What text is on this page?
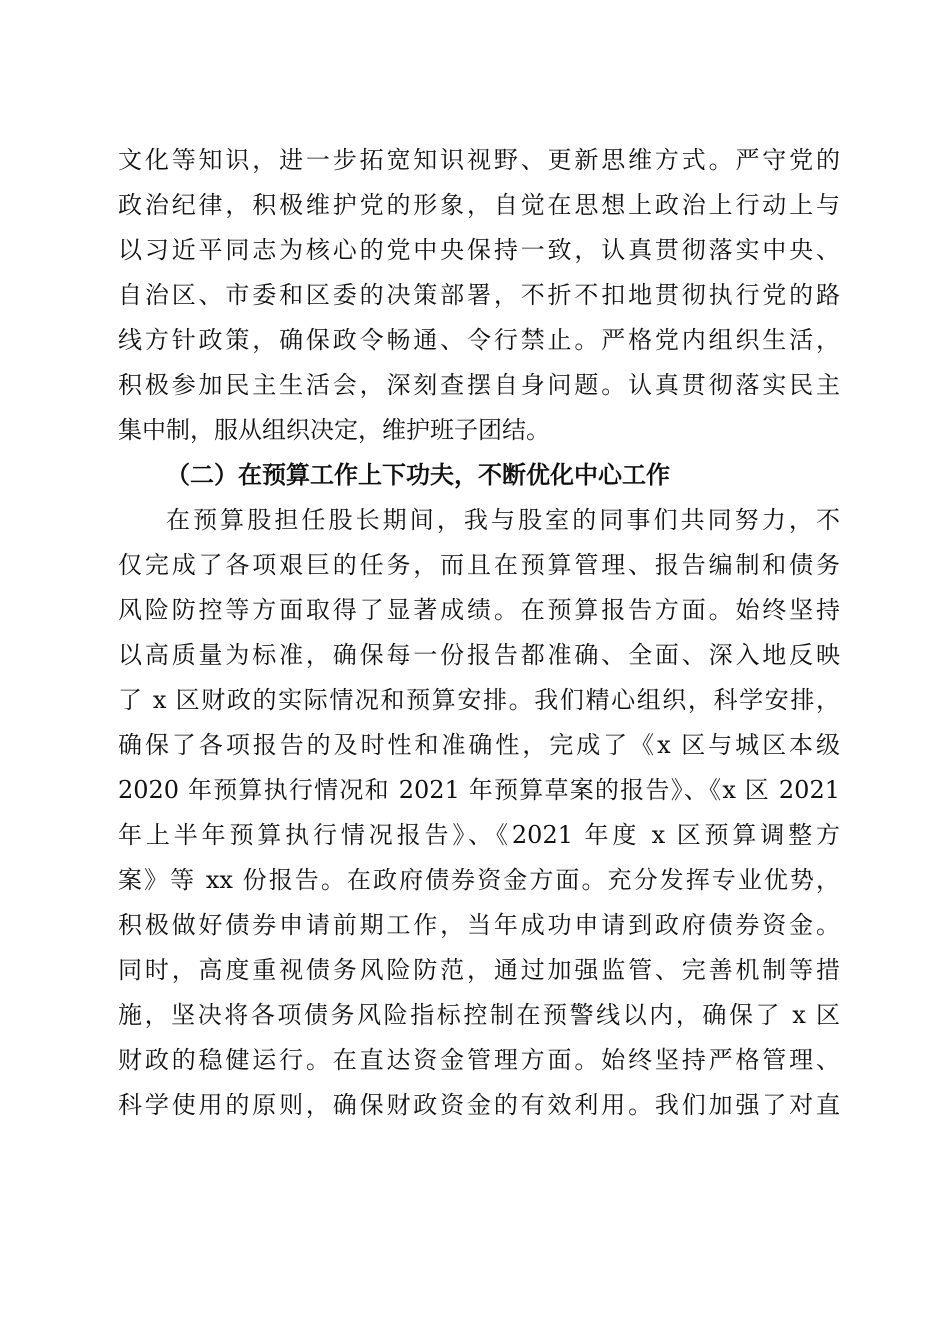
文化等知识，进一步拓宽知识视野、更新思维方式。严守党的
政治纪律，积极维护党的形象，自觉在思想上政治上行动上与
以习近平同志为核心的党中央保持一致，认真贯彻落实中央、
自治区、市委和区委的决策部署，不折不扣地贯彻执行党的路
线方针政策，确保政令畅通、令行禁止。严格党内组织生活，
积极参加民主生活会，深刻查摆自身问题。认真贯彻落实民主
集中制，服从组织决定，维护班子团结。
（二）在预算工作上下功夫，不断优化中心工作
在预算股担任股长期间，我与股室的同事们共同努力，不
仅完成了各项艰巨的任务，而且在预算管理、报告编制和债务
风险防控等方面取得了显著成绩。在预算报告方面。始终坚持
以高质量为标准，确保每一份报告都准确、全面、深入地反映
了 x 区财政的实际情况和预算安排。我们精心组织，科学安排，
确保了各项报告的及时性和准确性，完成了《x 区与城区本级
2020 年预算执行情况和 2021 年预算草案的报告》、《x 区 2021
年上半年预算执行情况报告》、《2021 年度 x 区预算调整方
案》等 xx 份报告。在政府债券资金方面。充分发挥专业优势，
积极做好债券申请前期工作，当年成功申请到政府债券资金。
同时，高度重视债务风险防范，通过加强监管、完善机制等措
施，坚决将各项债务风险指标控制在预警线以内，确保了 x 区
财政的稳健运行。在直达资金管理方面。始终坚持严格管理、
科学使用的原则，确保财政资金的有效利用。我们加强了对直
